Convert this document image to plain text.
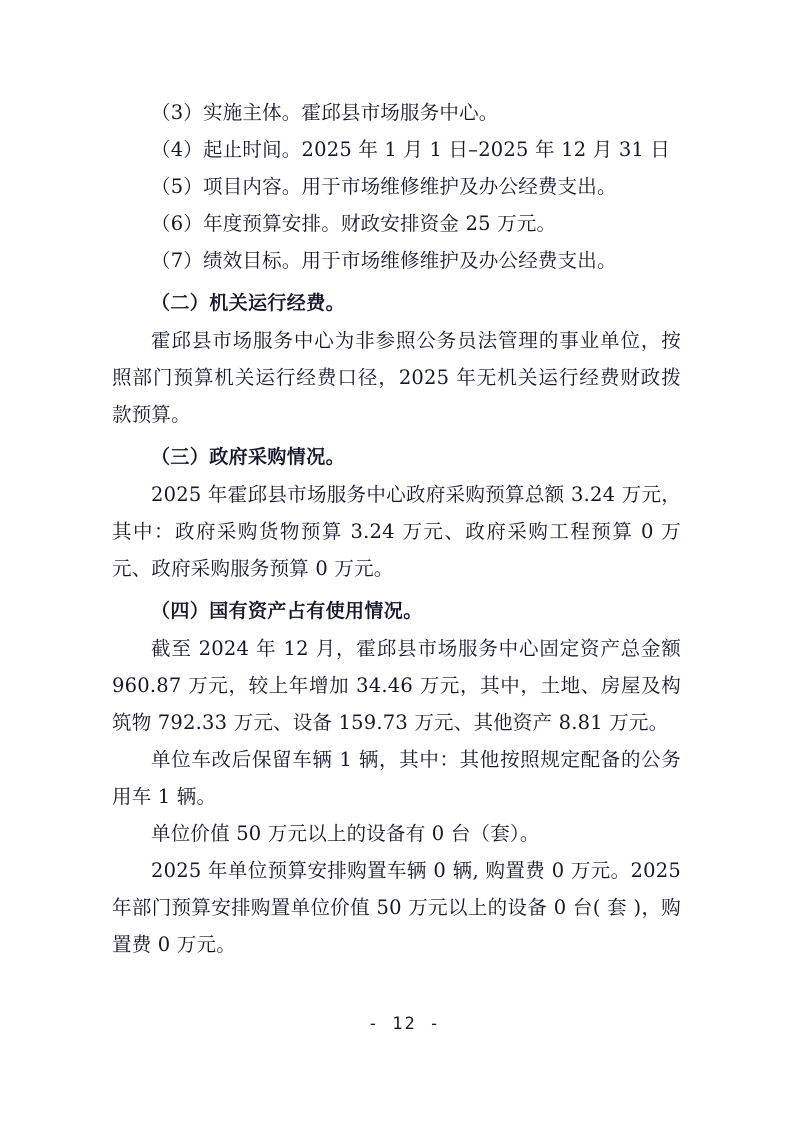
（3）实施主体。霍邱县市场服务中心。

（4）起止时间。2025 年 1 月 1 日–2025 年 12 月 31 日

（5）项目内容。用于市场维修维护及办公经费支出。

（6）年度预算安排。财政安排资金 25 万元。

（7）绩效目标。用于市场维修维护及办公经费支出。

（二）机关运行经费。

霍邱县市场服务中心为非参照公务员法管理的事业单位，按照部门预算机关运行经费口径，2025 年无机关运行经费财政拨款预算。

（三）政府采购情况。

2025 年霍邱县市场服务中心政府采购预算总额 3.24 万元，其中：政府采购货物预算 3.24 万元、政府采购工程预算 0 万元、政府采购服务预算 0 万元。

（四）国有资产占有使用情况。

截至 2024 年 12 月，霍邱县市场服务中心固定资产总金额 960.87 万元，较上年增加 34.46 万元，其中，土地、房屋及构筑物 792.33 万元、设备 159.73 万元、其他资产 8.81 万元。

单位车改后保留车辆 1 辆，其中：其他按照规定配备的公务用车 1 辆。

单位价值 50 万元以上的设备有 0 台（套）。

2025 年单位预算安排购置车辆 0 辆, 购置费 0 万元。2025 年部门预算安排购置单位价值 50 万元以上的设备 0 台( 套 )，购置费 0 万元。

- 12 -
